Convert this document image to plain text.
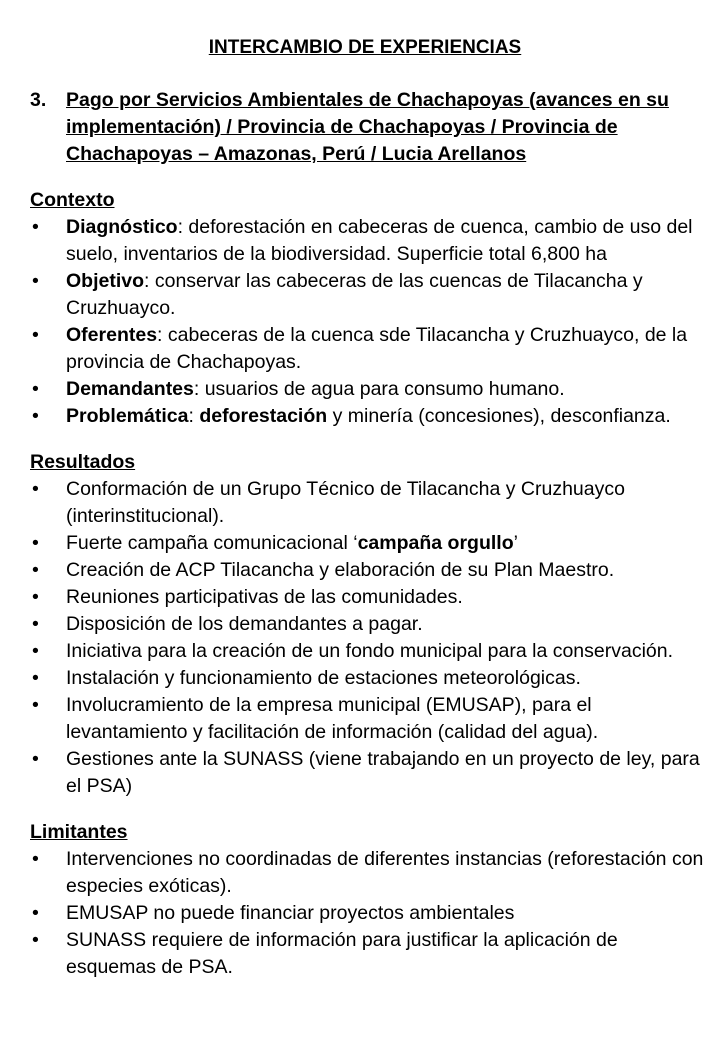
INTERCAMBIO DE EXPERIENCIAS
3.	Pago por Servicios Ambientales de Chachapoyas (avances en su implementación) / Provincia de Chachapoyas / Provincia de Chachapoyas – Amazonas, Perú / Lucia Arellanos
Contexto
•	Diagnóstico: deforestación en cabeceras de cuenca, cambio de uso del suelo, inventarios de la biodiversidad. Superficie total 6,800 ha
•	Objetivo: conservar las cabeceras de las cuencas de Tilacancha y Cruzhuayco.
•	Oferentes: cabeceras de la cuenca sde Tilacancha y Cruzhuayco, de la provincia de Chachapoyas.
•	Demandantes: usuarios de agua para consumo humano.
•	Problemática: deforestación y minería (concesiones), desconfianza.
Resultados
•	Conformación de un Grupo Técnico de Tilacancha y Cruzhuayco (interinstitucional).
•	Fuerte campaña comunicacional ‘campaña orgullo’
•	Creación de ACP Tilacancha y elaboración de su Plan Maestro.
•	Reuniones participativas de las comunidades.
•	Disposición de los demandantes a pagar.
•	Iniciativa para la creación de un fondo municipal para la conservación.
•	Instalación y funcionamiento de estaciones meteorológicas.
•	Involucramiento de la empresa municipal (EMUSAP), para el levantamiento y facilitación de información (calidad del agua).
•	Gestiones ante la SUNASS (viene trabajando en un proyecto de ley, para el PSA)
Limitantes
•	Intervenciones no coordinadas de diferentes instancias (reforestación con especies exóticas).
•	EMUSAP no puede financiar proyectos ambientales
•	SUNASS requiere de información para justificar la aplicación de esquemas de PSA.
